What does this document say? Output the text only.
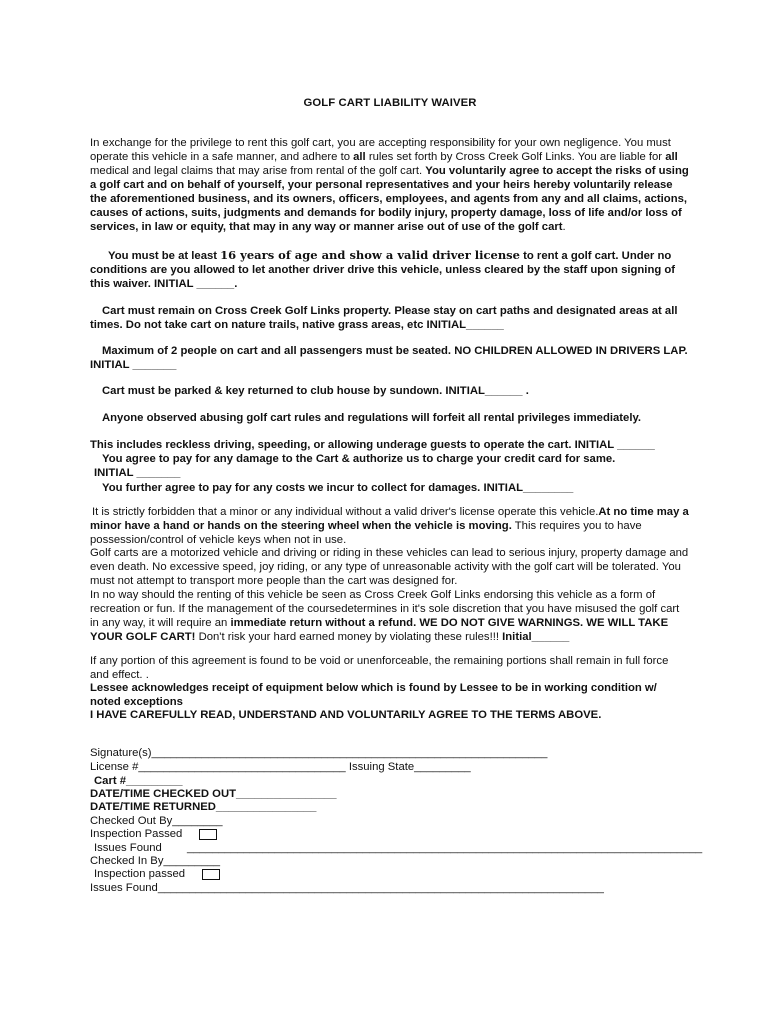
GOLF CART LIABILITY WAIVER
In exchange for the privilege to rent this golf cart, you are accepting responsibility for your own negligence. You must operate this vehicle in a safe manner, and adhere to all rules set forth by Cross Creek Golf Links. You are liable for all medical and legal claims that may arise from rental of the golf cart. You voluntarily agree to accept the risks of using a golf cart and on behalf of yourself, your personal representatives and your heirs hereby voluntarily release the aforementioned business, and its owners, officers, employees, and agents from any and all claims, actions, causes of actions, suits, judgments and demands for bodily injury, property damage, loss of life and/or loss of services, in law or equity, that may in any way or manner arise out of use of the golf cart.
You must be at least 16 years of age and show a valid driver license to rent a golf cart. Under no conditions are you allowed to let another driver drive this vehicle, unless cleared by the staff upon signing of this waiver. INITIAL ______.
Cart must remain on Cross Creek Golf Links property. Please stay on cart paths and designated areas at all times. Do not take cart on nature trails, native grass areas, etc INITIAL______
Maximum of 2 people on cart and all passengers must be seated. NO CHILDREN ALLOWED IN DRIVERS LAP. INITIAL _______
Cart must be parked & key returned to club house by sundown. INITIAL______ .
Anyone observed abusing golf cart rules and regulations will forfeit all rental privileges immediately.
This includes reckless driving, speeding, or allowing underage guests to operate the cart. INITIAL ______
You agree to pay for any damage to the Cart & authorize us to charge your credit card for same.
INITIAL _______
You further agree to pay for any costs we incur to collect for damages. INITIAL________
It is strictly forbidden that a minor or any individual without a valid driver's license operate this vehicle.At no time may a minor have a hand or hands on the steering wheel when the vehicle is moving. This requires you to have possession/control of vehicle keys when not in use.
Golf carts are a motorized vehicle and driving or riding in these vehicles can lead to serious injury, property damage and even death. No excessive speed, joy riding, or any type of unreasonable activity with the golf cart will be tolerated. You must not attempt to transport more people than the cart was designed for.
In no way should the renting of this vehicle be seen as Cross Creek Golf Links endorsing this vehicle as a form of recreation or fun. If the management of the coursedetermines in it's sole discretion that you have misused the golf cart in any way, it will require an immediate return without a refund. WE DO NOT GIVE WARNINGS. WE WILL TAKE YOUR GOLF CART! Don't risk your hard earned money by violating these rules!!! Initial______
If any portion of this agreement is found to be void or unenforceable, the remaining portions shall remain in full force and effect. .
Lessee acknowledges receipt of equipment below which is found by Lessee to be in working condition w/ noted exceptions
I HAVE CAREFULLY READ, UNDERSTAND AND VOLUNTARILY AGREE TO THE TERMS ABOVE.
Signature(s)_______________________________________________________________
License #_________________________________ Issuing State_________
Cart #_________
DATE/TIME CHECKED OUT________________
DATE/TIME RETURNED________________
Checked Out By________
Inspection Passed
Issues Found __________________________________________________________________________________
Checked In By_________
Inspection passed
Issues Found_______________________________________________________________________
